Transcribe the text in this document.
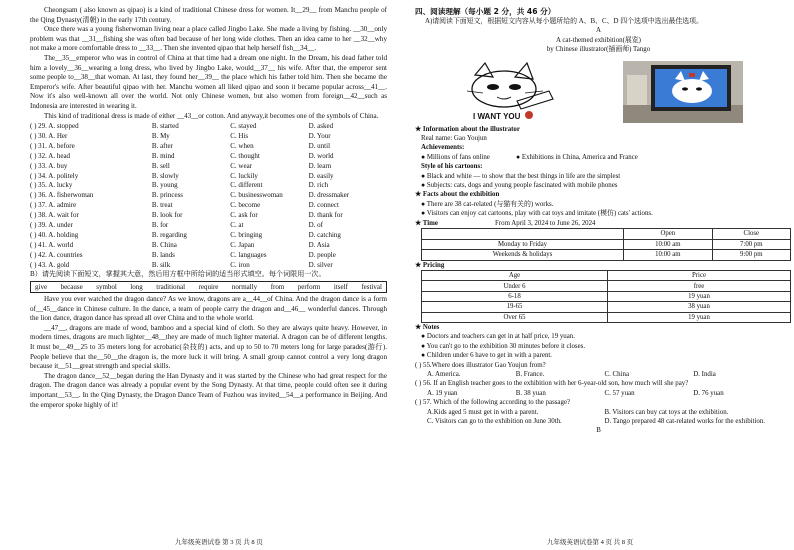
Cheongsam ( also known as qipao) is a kind of traditional Chinese dress for women. It__29__ from Manchu people of the Qing Dynasty(清朝) in the early 17th century.

Once there was a young fisherwoman living near a place called Jingbo Lake. She made a living by fishing. __30__only problem was that __31__fishing she was often bad because of her long wide clothes. Then an idea came to her __32__why not make a more comfortable dress to __33__. Then she invented qipao that help herself fish__34__.

The__35__emperor who was in control of China at that time had a dream one night. In the Dream, his dead father told him a lovely__36__wearing a long dress, who lived by Jingbo Lake, would__37__ his wife. After that, the emperor sent some people to__38__that woman. At last, they found her__39__ the place which his father told him. Then she became the Emperor's wife. After beautiful qipao with her. Manchu women all liked qipao and soon it became popular across__41__. Now it's also well-known all over the world. Not only Chinese women, but also women from foreign__42__such as Indonesia are interested in wearing it.

This kind of traditional dress is made of either __43__or cotton. And anyway,it becomes one of the symbols of China.

( ) 29. A. stopped	B. started	C. stayed	D. asked
( ) 30. A. Her	B. My	C. His	D. Your
( ) 31. A. before	B. after	C. when	D. until
( ) 32. A. head	B. mind	C. thought	D. world
( ) 33. A. buy	B. sell	C. wear	D. learn
( ) 34. A. politely	B. slowly	C. luckily	D. easily
( ) 35. A. lucky	B. young	C. different	D. rich
( ) 36. A. fisherwoman	B. princess	C. businesswoman	D. dressmaker
( ) 37. A. admire	B. treat	C. become	D. connect
( ) 38. A. wait for	B. look for	C. ask for	D. thank for
( ) 39. A. under	B. for	C. at	D. of
( ) 40. A. holding	B. regarding	C. bringing	D. catching
( ) 41. A. world	B. China	C. Japan	D. Asia
( ) 42. A. countries	B. lands	C. languages	D. people
( ) 43. A. gold	B. silk	C. iron	D. silver

B）请先阅读下面短文，掌握其大意，然后用方框中所给词的适当形式填空。每个词限用一次。

give because symbol long traditional require normally from perform itself festival

Have you ever watched the dragon dance? As we know, dragons are a__44__of China. And the dragon dance is a form of__45__dance in Chinese culture. In the dance, a team of people carry the dragon and__46__ wonderful dances. Through the lion dance, dragon dance has spread all over China and to the whole world.

__47__, dragons are made of wood, bamboo and a special kind of cloth. So they are always quite heavy. However, in modern times, dragons are much lighter__48__they are made of much lighter material. A dragon can be of different lengths. It must be__49__25 to 35 meters long for acrobatic(杂技的) acts, and up to 50 to 70 meters long for large parades(游行). People believe that the__50__the dragon is, the more luck it will bring. A small group cannot control a very long dragon because it__51__great strength and special skills.

The dragon dance__52__began during the Han Dynasty and it was started by the Chinese who had great respect for the dragon. The dragon dance was already a popular event by the Song Dynasty. At that time, people could often see it during important__53__. In the Qing Dynasty, the Dragon Dance Team of Fuzhou was invited__54__a performance in Beijing. And the emperor spoke highly of it!

九年级英语试卷 第 3 页 共 8 页

四、阅读理解（每小题 2 分，共 46 分）

A)请阅读下面短文，根据短文内容从每小题所给的 A、B、C、D 四个选项中选出最佳选项。

A

A cat-themed exhibition(展览)

by Chinese illustrator(插画师) Tango

I WANT YOU

★ Information about the illustrator

Real name: Gao Youjun

Achievements:

● Millions of fans online	● Exhibitions in China, America and France

Style of his cartoons:

● Black and white — to show that the best things in life are the simplest

● Subjects: cats, dogs and young people fascinated with mobile phones

★ Facts about the exhibition

● There are 38 cat-related (与猫有关的) works.

● Visitors can enjoy cat cartoons, play with cat toys and imitate (模仿) cats' actions.

★ Time	From April 3, 2024 to June 26, 2024
	Open	Close
Monday to Friday	10:00 am	7:00 pm
Weekends & holidays	10:00 am	9:00 pm

★ Pricing

Age	Price
Under 6	free
6-18	19 yuan
19-65	38 yuan
Over 65	19 yuan

★ Notes

● Doctors and teachers can get in at half price, 19 yuan.

● You can't go to the exhibition 30 minutes before it closes.

● Children under 6 have to get in with a parent.

( ) 55.Where does illustrator Gao Youjun from?

A. America.	B. France.	C. China	D. India

( ) 56. If an English teacher goes to the exhibition with her 6-year-old son, how much will she pay?

A. 19 yuan	B. 38 yuan	C. 57 yuan	D. 76 yuan

( ) 57. Which of the following according to the passage?

A.Kids aged 5 must get in with a parent.	B. Visitors can buy cat toys at the exhibition.
C. Visitors can go to the exhibition on June 30th.	D. Tango prepared 48 cat-related works for the exhibition.

B

九年级英语试卷第 4 页 共 8 页
